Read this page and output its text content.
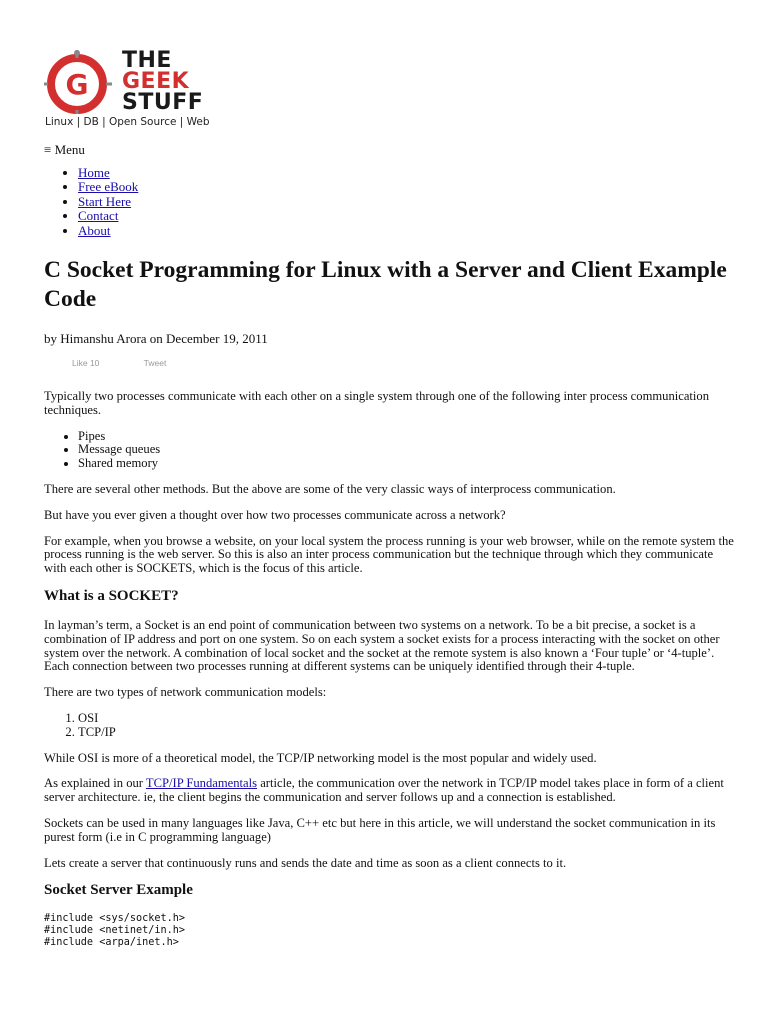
G
THE
GEEK
STUFF
Linux | DB | Open Source | Web
≡ Menu
• Home
• Free eBook
• Start Here
• Contact
• About
C Socket Programming for Linux with a Server and Client Example Code
by Himanshu Arora on December 19, 2011
Like 10	Tweet

Typically two processes communicate with each other on a single system through one of the following inter process communication techniques.

• Pipes
• Message queues
• Shared memory

There are several other methods. But the above are some of the very classic ways of interprocess communication.

But have you ever given a thought over how two processes communicate across a network?

For example, when you browse a website, on your local system the process running is your web browser, while on the remote system the process running is the web server. So this is also an inter process communication but the technique through which they communicate with each other is SOCKETS, which is the focus of this article.

What is a SOCKET?

In layman’s term, a Socket is an end point of communication between two systems on a network. To be a bit precise, a socket is a combination of IP address and port on one system. So on each system a socket exists for a process interacting with the socket on other system over the network. A combination of local socket and the socket at the remote system is also known a ‘Four tuple’ or ‘4-tuple’. Each connection between two processes running at different systems can be uniquely identified through their 4-tuple.

There are two types of network communication models:

1. OSI
2. TCP/IP

While OSI is more of a theoretical model, the TCP/IP networking model is the most popular and widely used.

As explained in our TCP/IP Fundamentals article, the communication over the network in TCP/IP model takes place in form of a client server architecture. ie, the client begins the communication and server follows up and a connection is established.

Sockets can be used in many languages like Java, C++ etc but here in this article, we will understand the socket communication in its purest form (i.e in C programming language)

Lets create a server that continuously runs and sends the date and time as soon as a client connects to it.

Socket Server Example
#include <sys/socket.h>
#include <netinet/in.h>
#include <arpa/inet.h>
